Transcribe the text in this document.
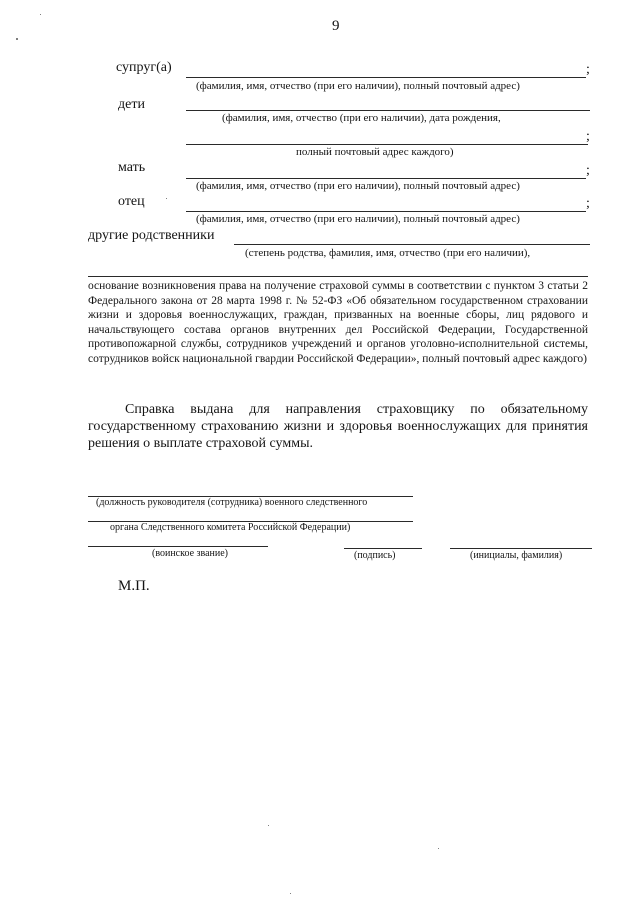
9
супруг(а)	;
(фамилия, имя, отчество (при его наличии), полный почтовый адрес)
дети
(фамилия, имя, отчество (при его наличии), дата рождения,
;
полный почтовый адрес каждого)
мать	;
(фамилия, имя, отчество (при его наличии), полный почтовый адрес)
отец	;
(фамилия, имя, отчество (при его наличии), полный почтовый адрес)
другие родственники
(степень родства, фамилия, имя, отчество (при его наличии),
основание возникновения права на получение страховой суммы в соответствии с пунктом 3 статьи 2 Федерального закона от 28 марта 1998 г. № 52-ФЗ «Об обязательном государственном страховании жизни и здоровья военнослужащих, граждан, призванных на военные сборы, лиц рядового и начальствующего состава органов внутренних дел Российской Федерации, Государственной противопожарной службы, сотрудников учреждений и органов уголовно-исполнительной системы, сотрудников войск национальной гвардии Российской Федерации», полный почтовый адрес каждого)
Справка выдана для направления страховщику по обязательному государственному страхованию жизни и здоровья военнослужащих для принятия решения о выплате страховой суммы.
(должность руководителя (сотрудника) военного следственного
органа Следственного комитета Российской Федерации)
(воинское звание)	(подпись)	(инициалы, фамилия)
М.П.
